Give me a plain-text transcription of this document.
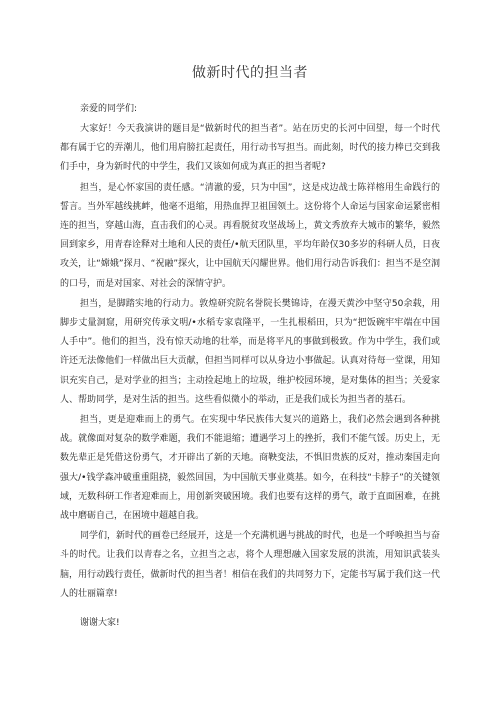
做新时代的担当者

亲爱的同学们:

大家好！今天我演讲的题目是“做新时代的担当者”。站在历史的长河中回望，每一个时代都有属于它的弄潮儿，他们用肩膀扛起责任，用行动书写担当。而此刻，时代的接力棒已交到我们手中，身为新时代的中学生，我们又该如何成为真正的担当者呢?

担当，是心怀家国的责任感。“清澈的爱，只为中国”，这是戍边战士陈祥榕用生命践行的誓言。当外军越线挑衅，他毫不退缩，用热血捍卫祖国领土。这份将个人命运与国家命运紧密相连的担当，穿越山海，直击我们的心灵。再看脱贫攻坚战场上，黄文秀放弃大城市的繁华，毅然回到家乡，用青春诠释对土地和人民的责任/•航天团队里，平均年龄仅30多岁的科研人员，日夜攻关，让“嫦娥”探月、“祝融”探火，让中国航天闪耀世界。他们用行动告诉我们：担当不是空洞的口号，而是对国家、对社会的深情守护。

担当，是脚踏实地的行动力。敦煌研究院名誉院长樊锦诗，在漫天黄沙中坚守50余载，用脚步丈量洞窟，用研究传承文明/•水稻专家袁隆平，一生扎根稻田，只为“把饭碗牢牢端在中国人手中”。他们的担当，没有惊天动地的壮举，而是将平凡的事做到极致。作为中学生，我们或许还无法像他们一样做出巨大贡献，但担当同样可以从身边小事做起。认真对待每一堂课，用知识充实自己，是对学业的担当；主动捡起地上的垃圾，维护校园环境，是对集体的担当；关爱家人、帮助同学，是对生活的担当。这些看似微小的举动，正是我们成长为担当者的基石。

担当，更是迎难而上的勇气。在实现中华民族伟大复兴的道路上，我们必然会遇到各种挑战。就像面对复杂的数学难题，我们不能退缩；遭遇学习上的挫折，我们不能气馁。历史上，无数先辈正是凭借这份勇气，才开辟出了新的天地。商鞅变法，不惧旧贵族的反对，推动秦国走向强大/•钱学森冲破重重阻挠，毅然回国，为中国航天事业奠基。如今，在科技“卡脖子”的关键领域，无数科研工作者迎难而上，用创新突破困境。我们也要有这样的勇气，敢于直面困难，在挑战中磨砺自己，在困境中超越自我。

同学们，新时代的画卷已经展开，这是一个充满机遇与挑战的时代，也是一个呼唤担当与奋斗的时代。让我们以青春之名，立担当之志，将个人理想融入国家发展的洪流，用知识武装头脑，用行动践行责任，做新时代的担当者！相信在我们的共同努力下，定能书写属于我们这一代人的壮丽篇章!

谢谢大家!
